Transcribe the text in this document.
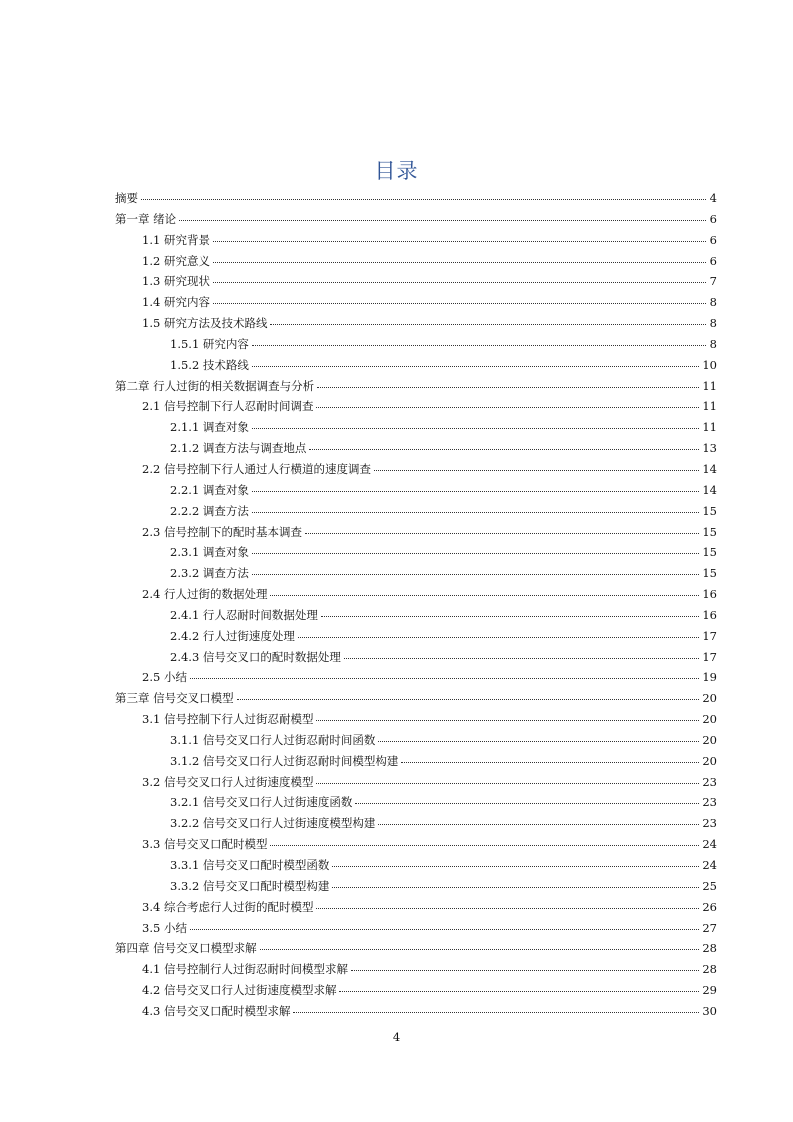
目录
摘要	4
第一章 绪论	6
1.1 研究背景	6
1.2 研究意义	6
1.3 研究现状	7
1.4 研究内容	8
1.5 研究方法及技术路线	8
1.5.1 研究内容	8
1.5.2 技术路线	10
第二章 行人过街的相关数据调查与分析	11
2.1 信号控制下行人忍耐时间调查	11
2.1.1 调查对象	11
2.1.2 调查方法与调查地点	13
2.2 信号控制下行人通过人行横道的速度调查	14
2.2.1 调查对象	14
2.2.2 调查方法	15
2.3 信号控制下的配时基本调查	15
2.3.1 调查对象	15
2.3.2 调查方法	15
2.4 行人过街的数据处理	16
2.4.1 行人忍耐时间数据处理	16
2.4.2 行人过街速度处理	17
2.4.3 信号交叉口的配时数据处理	17
2.5 小结	19
第三章 信号交叉口模型	20
3.1 信号控制下行人过街忍耐模型	20
3.1.1 信号交叉口行人过街忍耐时间函数	20
3.1.2 信号交叉口行人过街忍耐时间模型构建	20
3.2 信号交叉口行人过街速度模型	23
3.2.1 信号交叉口行人过街速度函数	23
3.2.2 信号交叉口行人过街速度模型构建	23
3.3 信号交叉口配时模型	24
3.3.1 信号交叉口配时模型函数	24
3.3.2 信号交叉口配时模型构建	25
3.4 综合考虑行人过街的配时模型	26
3.5 小结	27
第四章 信号交叉口模型求解	28
4.1 信号控制行人过街忍耐时间模型求解	28
4.2 信号交叉口行人过街速度模型求解	29
4.3 信号交叉口配时模型求解	30
4
